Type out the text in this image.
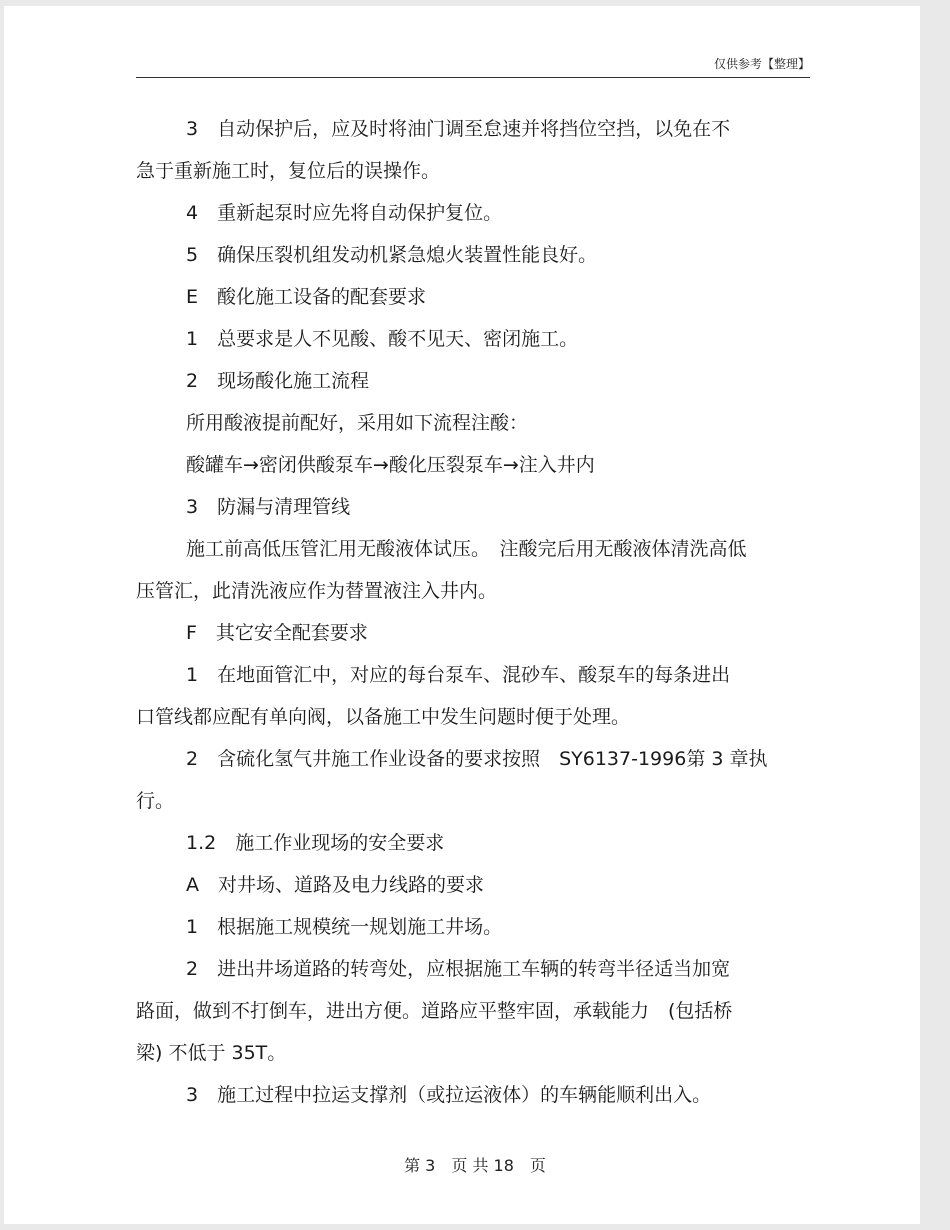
仅供参考【整理】
3　自动保护后，应及时将油门调至怠速并将挡位空挡，以免在不
急于重新施工时，复位后的误操作。
4　重新起泵时应先将自动保护复位。
5　确保压裂机组发动机紧急熄火装置性能良好。
E　酸化施工设备的配套要求
1　总要求是人不见酸、酸不见天、密闭施工。
2　现场酸化施工流程
所用酸液提前配好，采用如下流程注酸：
酸罐车→密闭供酸泵车→酸化压裂泵车→注入井内
3　防漏与清理管线
施工前高低压管汇用无酸液体试压。　注酸完后用无酸液体清洗高低
压管汇，此清洗液应作为替置液注入井内。
F　其它安全配套要求
1　在地面管汇中，对应的每台泵车、混砂车、酸泵车的每条进出
口管线都应配有单向阀，以备施工中发生问题时便于处理。
2　含硫化氢气井施工作业设备的要求按照　SY6137-1996第 3 章执
行。
1.2　施工作业现场的安全要求
A　对井场、道路及电力线路的要求
1　根据施工规模统一规划施工井场。
2　进出井场道路的转弯处，应根据施工车辆的转弯半径适当加宽
路面，做到不打倒车，进出方便。道路应平整牢固，承载能力　(包括桥
梁) 不低于 35T。
3　施工过程中拉运支撑剂（或拉运液体）的车辆能顺利出入。
第 3　页 共 18　页
